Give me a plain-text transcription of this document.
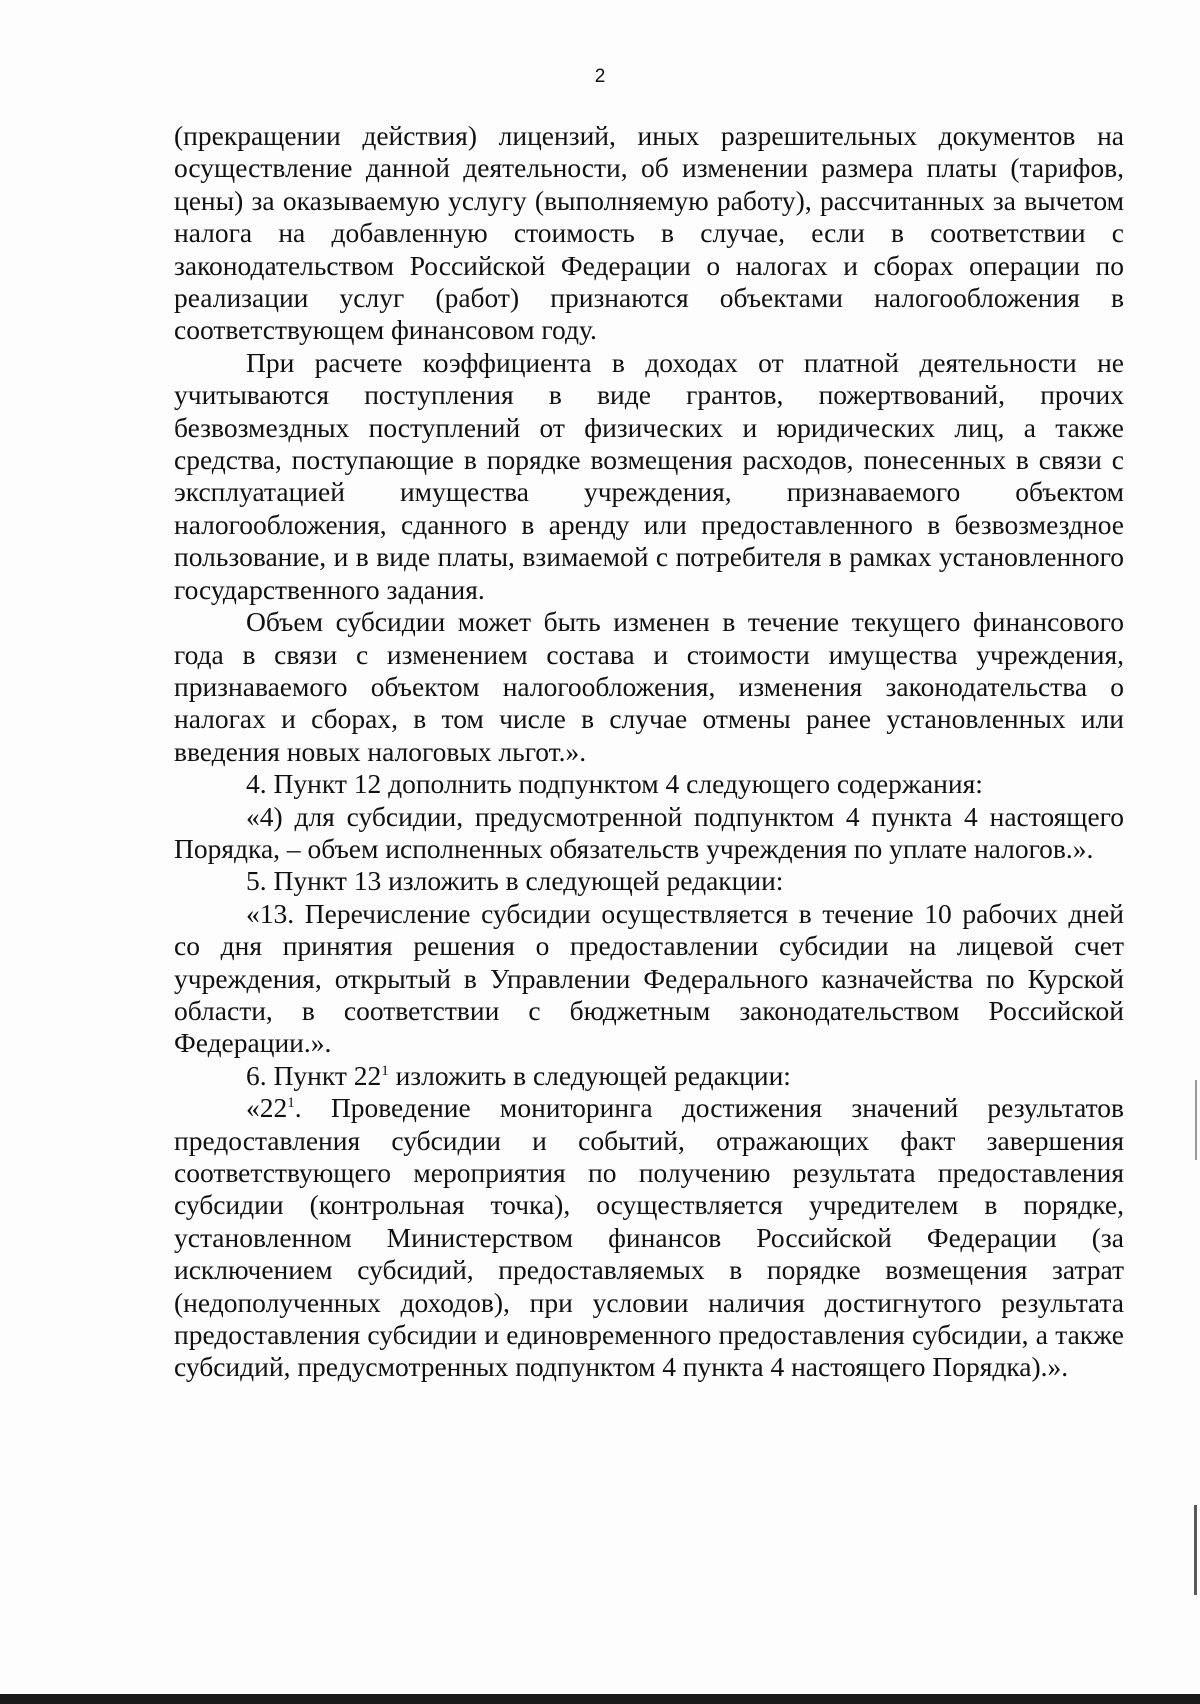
2

(прекращении действия) лицензий, иных разрешительных документов на осуществление данной деятельности, об изменении размера платы (тарифов, цены) за оказываемую услугу (выполняемую работу), рассчитанных за вычетом налога на добавленную стоимость в случае, если в соответствии с законодательством Российской Федерации о налогах и сборах операции по реализации услуг (работ) признаются объектами налогообложения в соответствующем финансовом году.

При расчете коэффициента в доходах от платной деятельности не учитываются поступления в виде грантов, пожертвований, прочих безвозмездных поступлений от физических и юридических лиц, а также средства, поступающие в порядке возмещения расходов, понесенных в связи с эксплуатацией имущества учреждения, признаваемого объектом налогообложения, сданного в аренду или предоставленного в безвозмездное пользование, и в виде платы, взимаемой с потребителя в рамках установленного государственного задания.

Объем субсидии может быть изменен в течение текущего финансового года в связи с изменением состава и стоимости имущества учреждения, признаваемого объектом налогообложения, изменения законодательства о налогах и сборах, в том числе в случае отмены ранее установленных или введения новых налоговых льгот.».

4. Пункт 12 дополнить подпунктом 4 следующего содержания:

«4) для субсидии, предусмотренной подпунктом 4 пункта 4 настоящего Порядка, – объем исполненных обязательств учреждения по уплате налогов.».

5. Пункт 13 изложить в следующей редакции:

«13. Перечисление субсидии осуществляется в течение 10 рабочих дней со дня принятия решения о предоставлении субсидии на лицевой счет учреждения, открытый в Управлении Федерального казначейства по Курской области, в соответствии с бюджетным законодательством Российской Федерации.».

6. Пункт $22^1$ изложить в следующей редакции:

«$22^1$. Проведение мониторинга достижения значений результатов предоставления субсидии и событий, отражающих факт завершения соответствующего мероприятия по получению результата предоставления субсидии (контрольная точка), осуществляется учредителем в порядке, установленном Министерством финансов Российской Федерации (за исключением субсидий, предоставляемых в порядке возмещения затрат (недополученных доходов), при условии наличия достигнутого результата предоставления субсидии и единовременного предоставления субсидии, а также субсидий, предусмотренных подпунктом 4 пункта 4 настоящего Порядка).».
